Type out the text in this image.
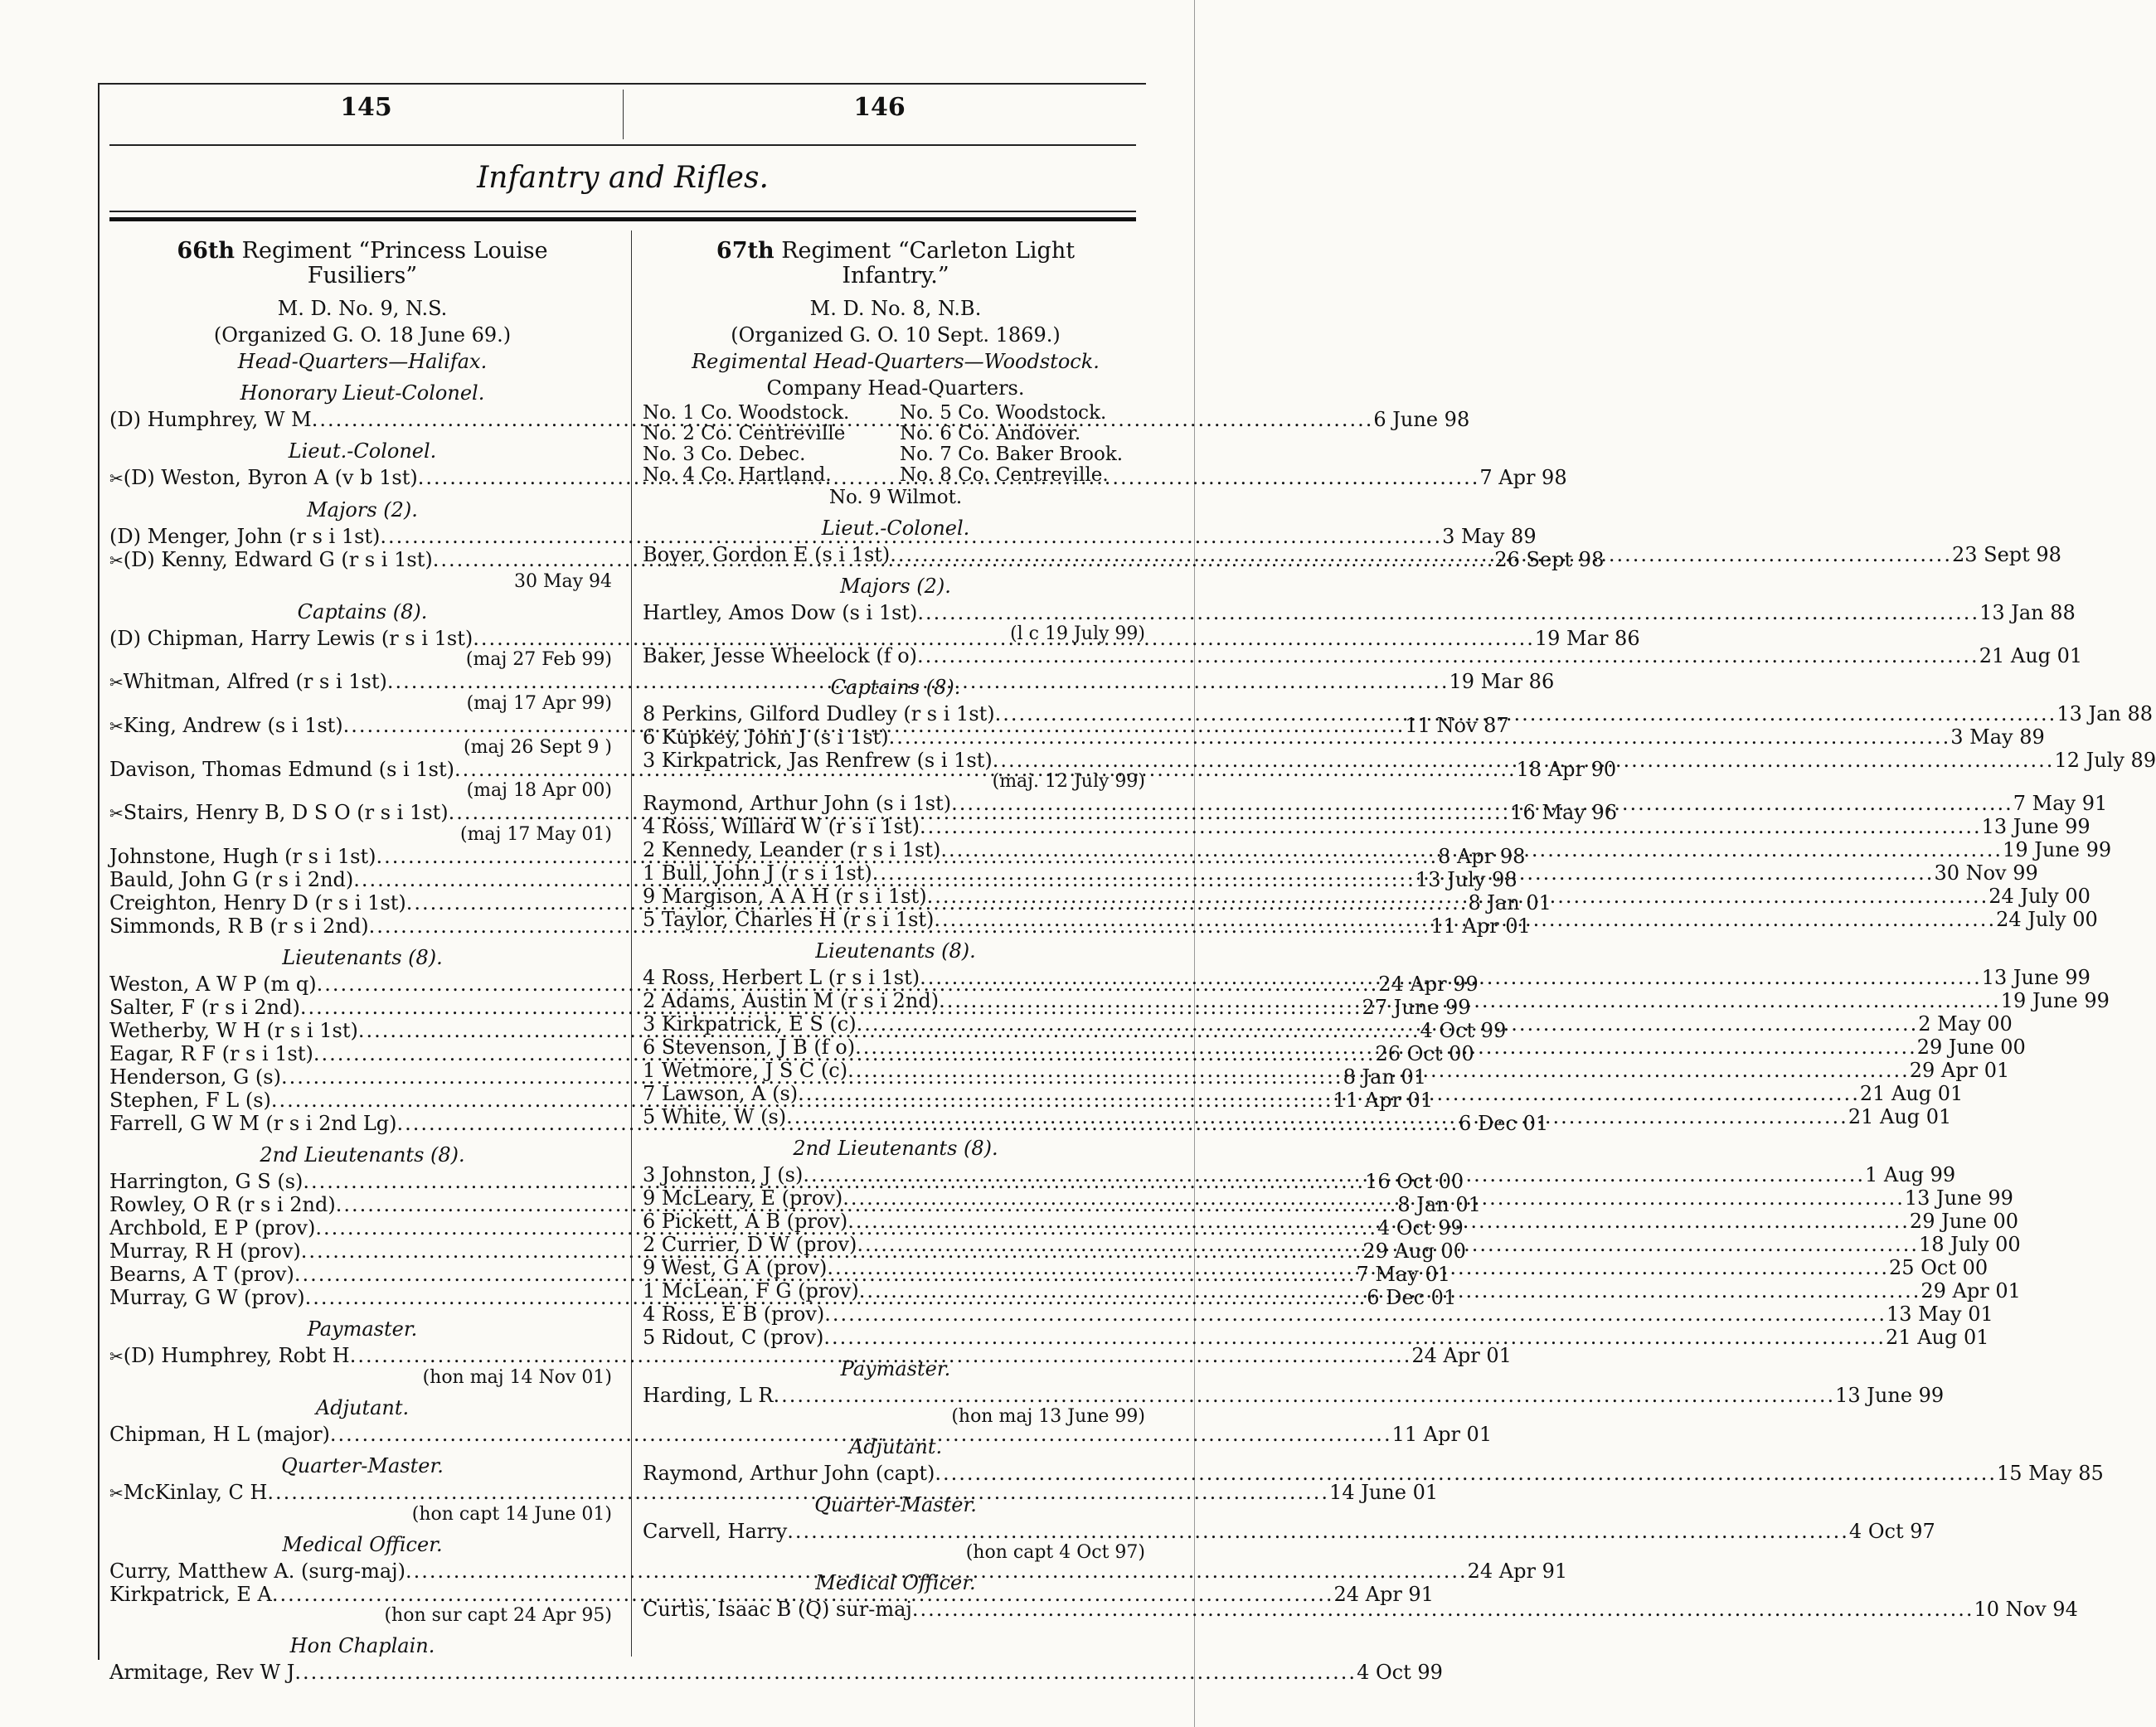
145	146
Infantry and Rifles.
66th Regiment “Princess Louise Fusiliers”
M. D. No. 9, N.S.
(Organized G. O. 18 June 69.)
Head-Quarters—Halifax.
Honorary Lieut-Colonel.
(D) Humphrey, W M .....	6 June 98
Lieut.-Colonel.
✂ (D) Weston, Byron A (v b 1st) .....	7 Apr 98
Majors (2).
(D) Menger, John (r s i 1st) .....	3 May 89
✂ (D) Kenny, Edward G (r s i 1st) .....	26 Sept 98
30 May 94
Captains (8).
(D) Chipman, Harry Lewis (r s i 1st) .....	19 Mar 86
(maj 27 Feb 99)
✂ Whitman, Alfred (r s i 1st) .....	19 Mar 86
(maj 17 Apr 99)
✂ King, Andrew (s i 1st) .....	11 Nov 87
(maj 26 Sept 9 )
Davison, Thomas Edmund (s i 1st) .....	18 Apr 90
(maj 18 Apr 00)
✂ Stairs, Henry B, D S O (r s i 1st) .....	16 May 96
(maj 17 May 01)
Johnstone, Hugh (r s i 1st) .....	8 Apr 98
Bauld, John G (r s i 2nd) .....	13 July 98
Creighton, Henry D (r s i 1st) .....	8 Jan 01
Simmonds, R B (r s i 2nd) .....	11 Apr 01
Lieutenants (8).
Weston, A W P (m q) .....	24 Apr 99
Salter, F (r s i 2nd) .....	27 June 99
Wetherby, W H (r s i 1st) .....	4 Oct 99
Eagar, R F (r s i 1st) .....	26 Oct 00
Henderson, G (s) .....	8 Jan 01
Stephen, F L (s) .....	11 Apr 01
Farrell, G W M (r s i 2nd Lg) .....	6 Dec 01
2nd Lieutenants (8).
Harrington, G S (s) .....	16 Oct 00
Rowley, O R (r s i 2nd) .....	8 Jan 01
Archbold, E P (prov) .....	4 Oct 99
Murray, R H (prov) .....	29 Aug 00
Bearns, A T (prov) .....	7 May 01
Murray, G W (prov) .....	6 Dec 01
Paymaster.
✂ (D) Humphrey, Robt H .....	24 Apr 01
(hon maj 14 Nov 01)
Adjutant.
Chipman, H L (major) .....	11 Apr 01
Quarter-Master.
✂ McKinlay, C H .....	14 June 01
(hon capt 14 June 01)
Medical Officer.
Curry, Matthew A. (surg-maj) .....	24 Apr 91
Kirkpatrick, E A .....	24 Apr 91
(hon sur capt 24 Apr 95)
Hon Chaplain.
Armitage, Rev W J .....	4 Oct 99
67th Regiment “Carleton Light Infantry.”
M. D. No. 8, N.B.
(Organized G. O. 10 Sept. 1869.)
Regimental Head-Quarters—Woodstock.
Company Head-Quarters.
No. 1 Co. Woodstock.	No. 5 Co. Woodstock.
No. 2 Co. Centreville	No. 6 Co. Andover.
No. 3 Co. Debec.	No. 7 Co. Baker Brook.
No. 4 Co. Hartland.	No. 8 Co. Centreville.
No. 9 Wilmot.
Lieut.-Colonel.
Boyer, Gordon E (s i 1st) .....	23 Sept 98
Majors (2).
Hartley, Amos Dow (s i 1st) .....	13 Jan 88
(l c 19 July 99)
Baker, Jesse Wheelock (f o) .....	21 Aug 01
Captains (8).
8 Perkins, Gilford Dudley (r s i 1st) .....	13 Jan 88
6 Kupkey, John J (s i 1st) .....	3 May 89
3 Kirkpatrick, Jas Renfrew (s i 1st) .....	12 July 89
(maj. 12 July 99)
Raymond, Arthur John (s i 1st) .....	7 May 91
4 Ross, Willard W (r s i 1st) .....	13 June 99
2 Kennedy, Leander (r s i 1st) .....	19 June 99
1 Bull, John J (r s i 1st) .....	30 Nov 99
9 Margison, A A H (r s i 1st) .....	24 July 00
5 Taylor, Charles H (r s i 1st) .....	24 July 00
Lieutenants (8).
4 Ross, Herbert L (r s i 1st) .....	13 June 99
2 Adams, Austin M (r s i 2nd) .....	19 June 99
3 Kirkpatrick, E S (c) .....	2 May 00
6 Stevenson, J B (f o) .....	29 June 00
1 Wetmore, J S C (c) .....	29 Apr 01
7 Lawson, A (s) .....	21 Aug 01
5 White, W (s) .....	21 Aug 01
2nd Lieutenants (8).
3 Johnston, J (s) .....	1 Aug 99
9 McLeary, E (prov) .....	13 June 99
6 Pickett, A B (prov) .....	29 June 00
2 Currier, D W (prov) .....	18 July 00
9 West, G A (prov) .....	25 Oct 00
1 McLean, F G (prov) .....	29 Apr 01
4 Ross, E B (prov) .....	13 May 01
5 Ridout, C (prov) .....	21 Aug 01
Paymaster.
Harding, L R .....	13 June 99
(hon maj 13 June 99)
Adjutant.
Raymond, Arthur John (capt) .....	15 May 85
Quarter-Master.
Carvell, Harry .....	4 Oct 97
(hon capt 4 Oct 97)
Medical Officer.
Curtis, Isaac B (Q) sur-maj .....	10 Nov 94
